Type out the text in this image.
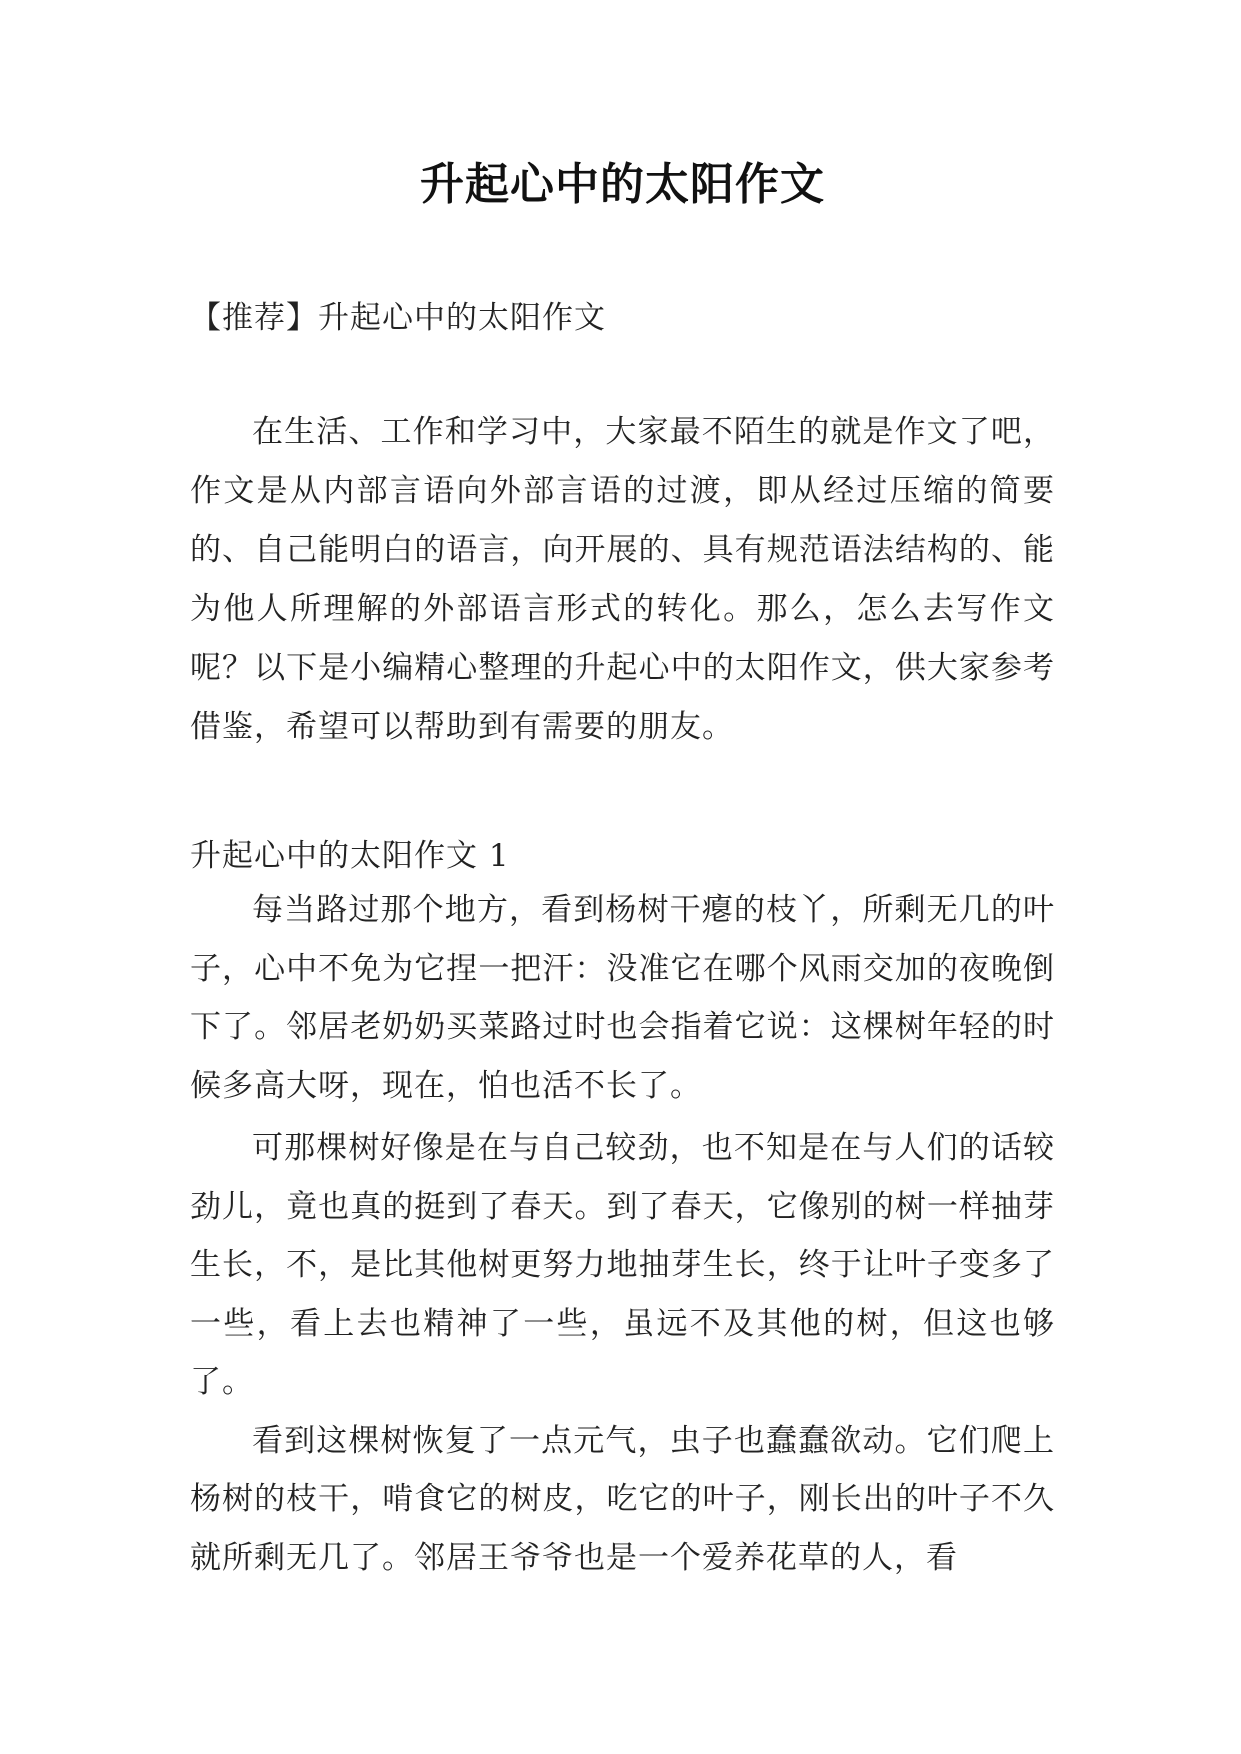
升起心中的太阳作文

【推荐】升起心中的太阳作文

在生活、工作和学习中，大家最不陌生的就是作文了吧，作文是从内部言语向外部言语的过渡，即从经过压缩的简要的、自己能明白的语言，向开展的、具有规范语法结构的、能为他人所理解的外部语言形式的转化。那么，怎么去写作文呢？以下是小编精心整理的升起心中的太阳作文，供大家参考借鉴，希望可以帮助到有需要的朋友。

升起心中的太阳作文 1

每当路过那个地方，看到杨树干瘪的枝丫，所剩无几的叶子，心中不免为它捏一把汗：没准它在哪个风雨交加的夜晚倒下了。邻居老奶奶买菜路过时也会指着它说：这棵树年轻的时候多高大呀，现在，怕也活不长了。

可那棵树好像是在与自己较劲，也不知是在与人们的话较劲儿，竟也真的挺到了春天。到了春天，它像别的树一样抽芽生长，不，是比其他树更努力地抽芽生长，终于让叶子变多了一些，看上去也精神了一些，虽远不及其他的树，但这也够了。

看到这棵树恢复了一点元气，虫子也蠢蠢欲动。它们爬上杨树的枝干，啃食它的树皮，吃它的叶子，刚长出的叶子不久就所剩无几了。邻居王爷爷也是一个爱养花草的人，看
